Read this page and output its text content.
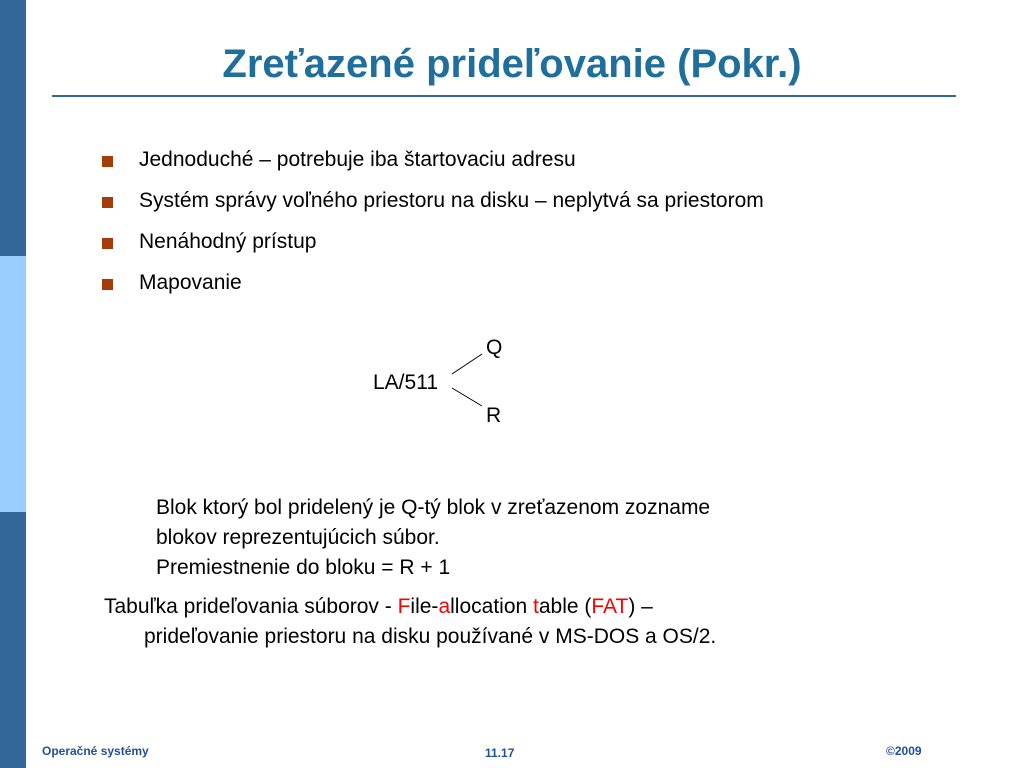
Zreťazené prideľovanie (Pokr.)
Jednoduché – potrebuje iba štartovaciu adresu
Systém správy voľného priestoru na disku – neplytvá sa priestorom
Nenáhodný prístup
Mapovanie
LA/511
Q
R
Blok ktorý bol pridelený je Q-tý blok v zreťazenom zozname
blokov reprezentujúcich súbor.
Premiestnenie do bloku = R + 1
Tabuľka prideľovania súborov - File-allocation table (FAT) –
prideľovanie priestoru na disku používané v MS-DOS a OS/2.
Operačné systémy	11.17	©2009
